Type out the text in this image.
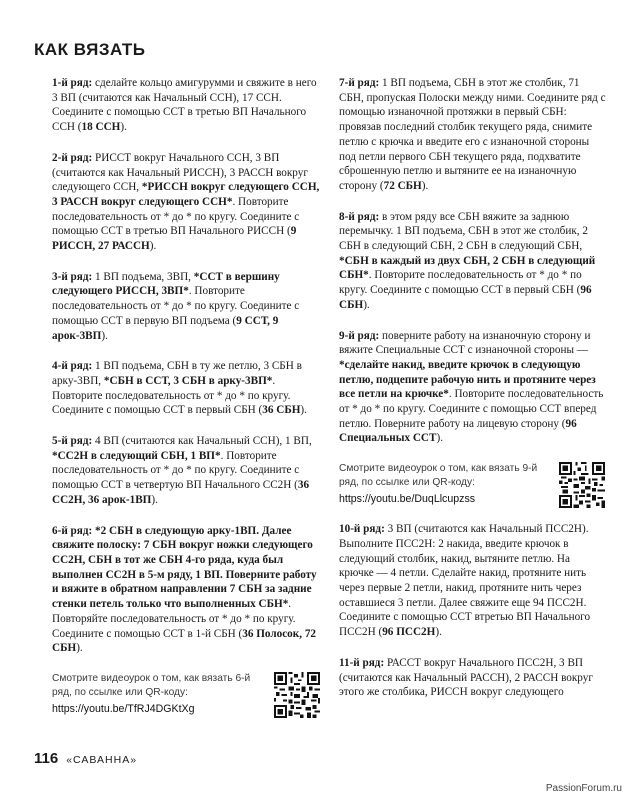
КАК ВЯЗАТЬ

1-й ряд: сделайте кольцо амигурумми и свяжите в него 3 ВП (считаются как Начальный ССН), 17 ССН. Соедините с помощью ССТ в третью ВП Начального ССН (18 ССН).

2-й ряд: РИССТ вокруг Начального ССН, 3 ВП (считаются как Начальный РИССН), 3 РАССН вокруг следующего ССН, *РИССН вокруг следующего ССН, 3 РАССН вокруг следующего ССН*. Повторите последовательность от * до * по кругу. Соедините с помощью ССТ в третью ВП Начального РИССН (9 РИССН, 27 РАССН).

3-й ряд: 1 ВП подъема, 3ВП, *ССТ в вершину следующего РИССН, 3ВП*. Повторите последовательность от * до * по кругу. Соедините с помощью ССТ в первую ВП подъема (9 ССТ, 9 арок-3ВП).

4-й ряд: 1 ВП подъема, СБН в ту же петлю, 3 СБН в арку-3ВП, *СБН в ССТ, 3 СБН в арку-3ВП*. Повторите последовательность от * до * по кругу. Соедините с помощью ССТ в первый СБН (36 СБН).

5-й ряд: 4 ВП (считаются как Начальный ССН), 1 ВП, *СС2Н в следующий СБН, 1 ВП*. Повторите последовательность от * до * по кругу. Соедините с помощью ССТ в четвертую ВП Начального СС2Н (36 СС2Н, 36 арок-1ВП).

6-й ряд: *2 СБН в следующую арку-1ВП. Далее свяжите полоску: 7 СБН вокруг ножки следующего СС2Н, СБН в тот же СБН 4-го ряда, куда был выполнен СС2Н в 5-м ряду, 1 ВП. Поверните работу и вяжите в обратном направлении 7 СБН за задние стенки петель только что выполненных СБН*. Повторяйте последовательность от * до * по кругу. Соедините с помощью ССТ в 1-й СБН (36 Полосок, 72 СБН).

Смотрите видеоурок о том, как вязать 6-й ряд, по ссылке или QR-коду:
https://youtu.be/TfRJ4DGKtXg

7-й ряд: 1 ВП подъема, СБН в этот же столбик, 71 СБН, пропуская Полоски между ними. Соедините ряд с помощью изнаночной протяжки в первый СБН: провязав последний столбик текущего ряда, снимите петлю с крючка и введите его с изнаночной стороны под петли первого СБН текущего ряда, подхватите сброшенную петлю и вытяните ее на изнаночную сторону (72 СБН).

8-й ряд: в этом ряду все СБН вяжите за заднюю перемычку. 1 ВП подъема, СБН в этот же столбик, 2 СБН в следующий СБН, 2 СБН в следующий СБН, *СБН в каждый из двух СБН, 2 СБН в следующий СБН*. Повторите последовательность от * до * по кругу. Соедините с помощью ССТ в первый СБН (96 СБН).

9-й ряд: поверните работу на изнаночную сторону и вяжите Специальные ССТ с изнаночной стороны — *сделайте накид, введите крючок в следующую петлю, подцепите рабочую нить и протяните через все петли на крючке*. Повторите последовательность от * до * по кругу. Соедините с помощью ССТ вперед петлю. Поверните работу на лицевую сторону (96 Специальных ССТ).

Смотрите видеоурок о том, как вязать 9-й ряд, по ссылке или QR-коду:
https://youtu.be/DuqLlcupzss

10-й ряд: 3 ВП (считаются как Начальный ПСС2Н). Выполните ПСС2Н: 2 накида, введите крючок в следующий столбик, накид, вытяните петлю. На крючке — 4 петли. Сделайте накид, протяните нить через первые 2 петли, накид, протяните нить через оставшиеся 3 петли. Далее свяжите еще 94 ПСС2Н. Соедините с помощью ССТ втретью ВП Начального ПСС2Н (96 ПСС2Н).

11-й ряд: РАССТ вокруг Начального ПСС2Н, 3 ВП (считаются как Начальный РАССН), 2 РАССН вокруг этого же столбика, РИССН вокруг следующего

116 «САВАННА»
PassionForum.ru
